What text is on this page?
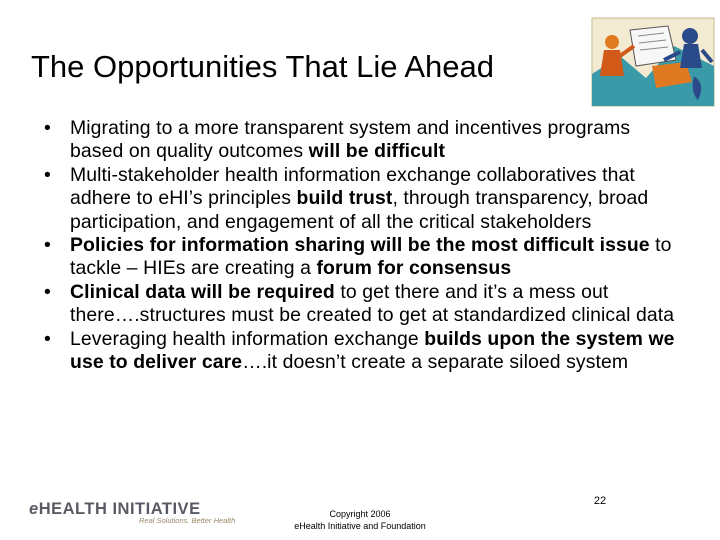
The Opportunities That Lie Ahead
• Migrating to a more transparent system and incentives programs based on quality outcomes will be difficult
• Multi-stakeholder health information exchange collaboratives that adhere to eHI’s principles build trust, through transparency, broad participation, and engagement of all the critical stakeholders
• Policies for information sharing will be the most difficult issue to tackle – HIEs are creating a forum for consensus
• Clinical data will be required to get there and it’s a mess out there….structures must be created to get at standardized clinical data
• Leveraging health information exchange builds upon the system we use to deliver care….it doesn’t create a separate siloed system
eHEALTH INITIATIVE
Real Solutions. Better Health
Copyright 2006
eHealth Initiative and Foundation
22
